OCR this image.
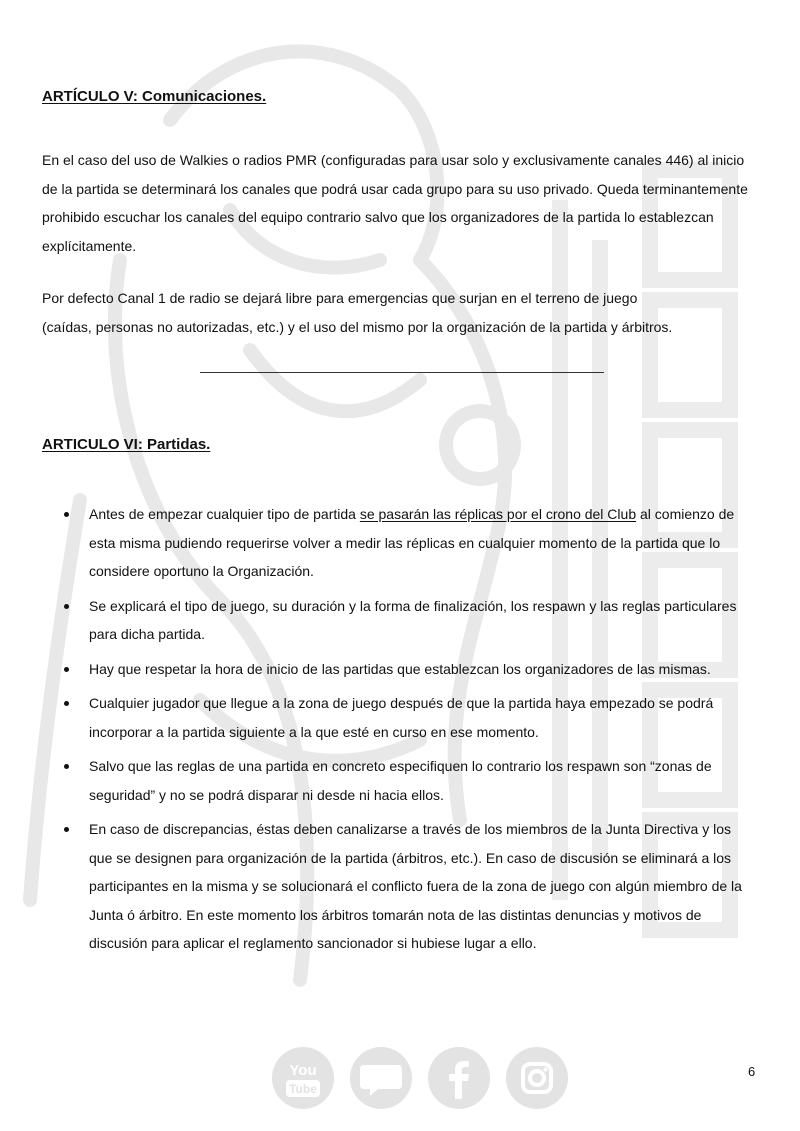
ARTÍCULO V: Comunicaciones.

En el caso del uso de Walkies o radios PMR (configuradas para usar solo y exclusivamente canales 446) al inicio de la partida se determinará los canales que podrá usar cada grupo para su uso privado. Queda terminantemente prohibido escuchar los canales del equipo contrario salvo que los organizadores de la partida lo establezcan explícitamente.

Por defecto Canal 1 de radio se dejará libre para emergencias que surjan en el terreno de juego
(caídas, personas no autorizadas, etc.) y el uso del mismo por la organización de la partida y árbitros.

ARTICULO VI: Partidas.
Antes de empezar cualquier tipo de partida se pasarán las réplicas por el crono del Club al comienzo de esta misma pudiendo requerirse volver a medir las réplicas en cualquier momento de la partida que lo considere oportuno la Organización.
Se explicará el tipo de juego, su duración y la forma de finalización, los respawn y las reglas particulares para dicha partida.
Hay que respetar la hora de inicio de las partidas que establezcan los organizadores de las mismas.
Cualquier jugador que llegue a la zona de juego después de que la partida haya empezado se podrá incorporar a la partida siguiente a la que esté en curso en ese momento.
Salvo que las reglas de una partida en concreto especifiquen lo contrario los respawn son “zonas de seguridad” y no se podrá disparar ni desde ni hacia ellos.
En caso de discrepancias, éstas deben canalizarse a través de los miembros de la Junta Directiva y los que se designen para organización de la partida (árbitros, etc.). En caso de discusión se eliminará a los participantes en la misma y se solucionará el conflicto fuera de la zona de juego con algún miembro de la Junta ó árbitro. En este momento los árbitros tomarán nota de las distintas denuncias y motivos de discusión para aplicar el reglamento sancionador si hubiese lugar a ello.
You
Tube
6
